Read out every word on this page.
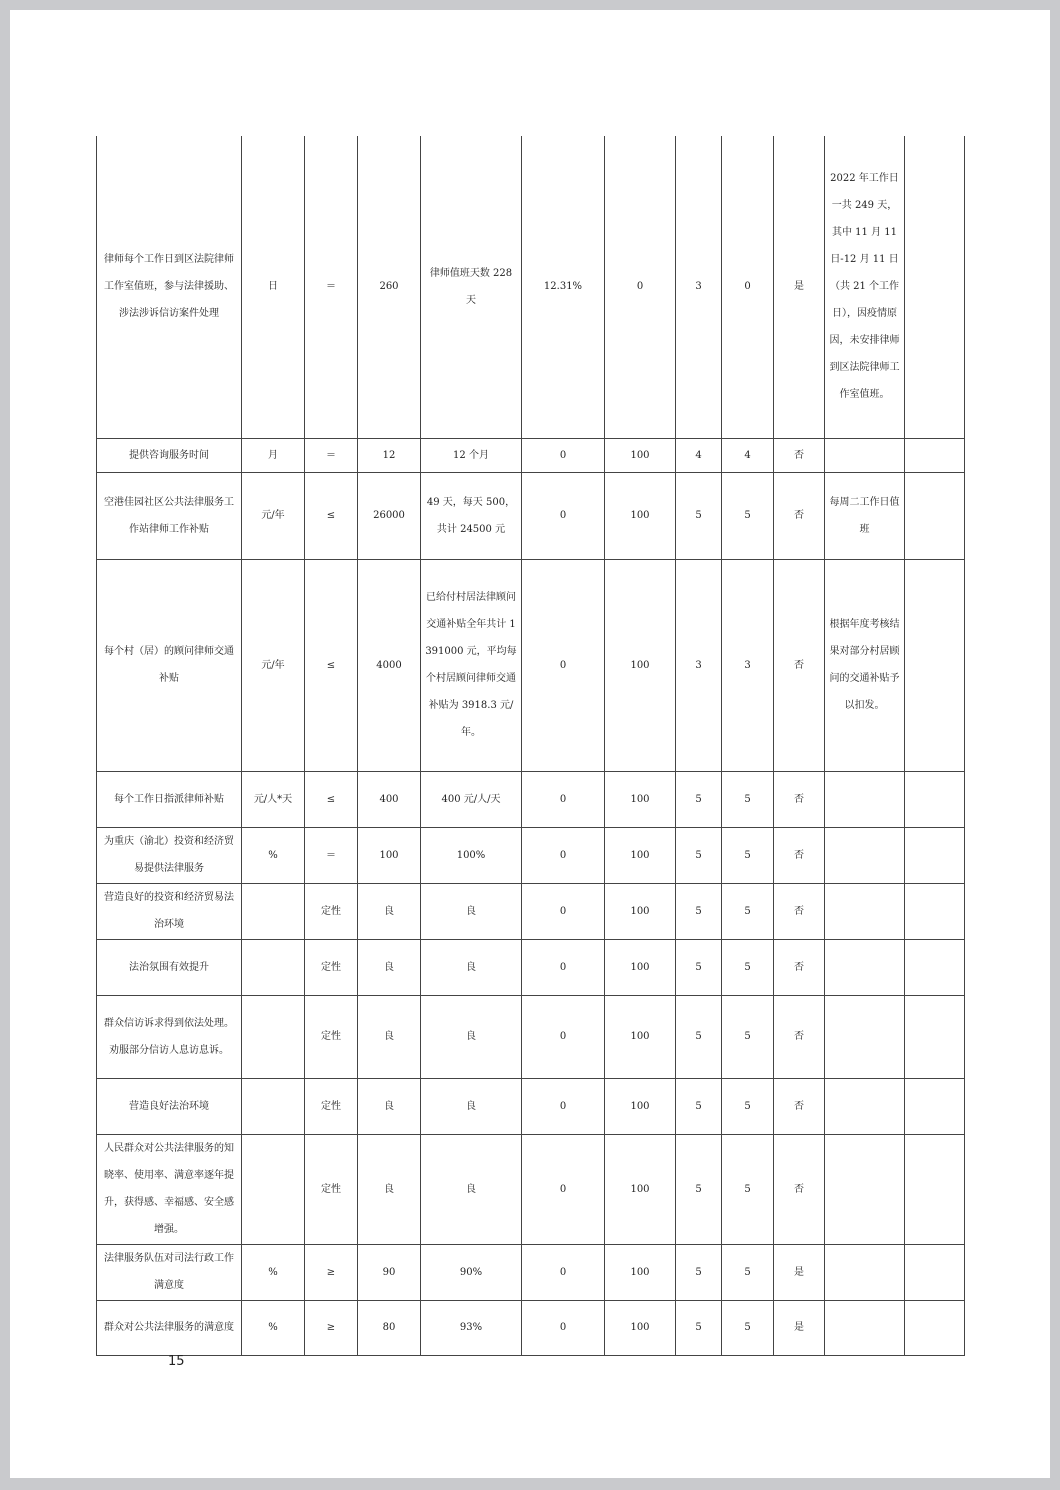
律师每个工作日到区法院律师工作室值班，参与法律援助、涉法涉诉信访案件处理	日	＝	260	律师值班天数 228 天	12.31%	0	3	0	是	2022 年工作日一共 249 天，其中 11 月 11 日-12 月 11 日（共 21 个工作日），因疫情原因，未安排律师到区法院律师工作室值班。	
提供咨询服务时间	月	＝	12	12 个月	0	100	4	4	否		
空港佳园社区公共法律服务工作站律师工作补贴	元/年	≤	26000	49 天，每天 500，共计 24500 元	0	100	5	5	否	每周二工作日值班	
每个村（居）的顾问律师交通补贴	元/年	≤	4000	已给付村居法律顾问交通补贴全年共计 1391000 元，平均每个村居顾问律师交通补贴为 3918.3 元/年。	0	100	3	3	否	根据年度考核结果对部分村居顾问的交通补贴予以扣发。	
每个工作日指派律师补贴	元/人*天	≤	400	400 元/人/天	0	100	5	5	否		
为重庆（渝北）投资和经济贸易提供法律服务	%	＝	100	100%	0	100	5	5	否		
营造良好的投资和经济贸易法治环境		定性	良	良	0	100	5	5	否		
法治氛围有效提升		定性	良	良	0	100	5	5	否		
群众信访诉求得到依法处理。劝服部分信访人息访息诉。		定性	良	良	0	100	5	5	否		
营造良好法治环境		定性	良	良	0	100	5	5	否		
人民群众对公共法律服务的知晓率、使用率、满意率逐年提升，获得感、幸福感、安全感增强。		定性	良	良	0	100	5	5	否		
法律服务队伍对司法行政工作满意度	%	≥	90	90%	0	100	5	5	是		
群众对公共法律服务的满意度	%	≥	80	93%	0	100	5	5	是		
15
